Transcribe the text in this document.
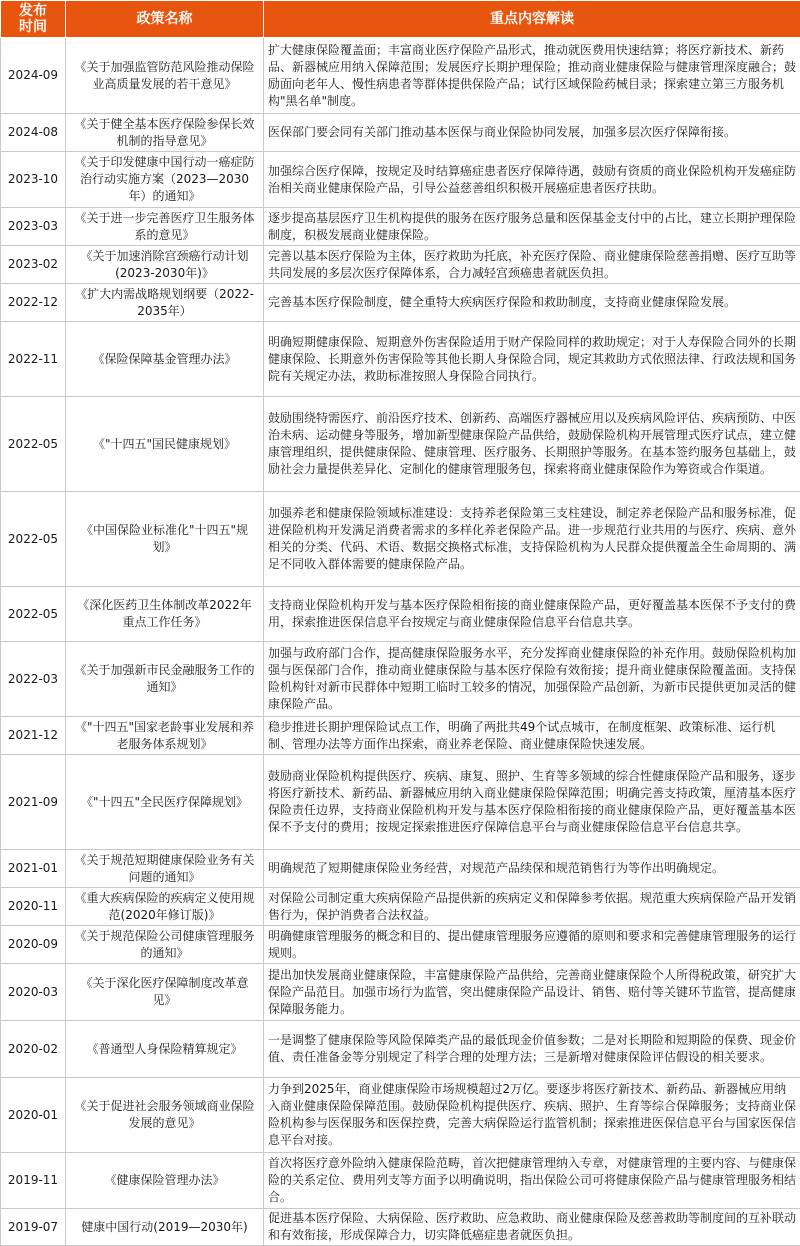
发布
时间	政策名称	重点内容解读
2024-09	《关于加强监管防范风险推动保险业高质量发展的若干意见》	扩大健康保险覆盖面；丰富商业医疗保险产品形式，推动就医费用快速结算；将医疗新技术、新药品、新器械应用纳入保障范围；发展医疗长期护理保险；推动商业健康保险与健康管理深度融合；鼓励面向老年人、慢性病患者等群体提供保险产品；试行区域保险药械目录；探索建立第三方服务机构"黑名单"制度。
2024-08	《关于健全基本医疗保险参保长效机制的指导意见》	医保部门要会同有关部门推动基本医保与商业保险协同发展，加强多层次医疗保障衔接。
2023-10	《关于印发健康中国行动一癌症防治行动实施方案（2023—2030年）的通知》	加强综合医疗保障，按规定及时结算癌症患者医疗保障待遇，鼓励有资质的商业保险机构开发癌症防治相关商业健康保险产品，引导公益慈善组织积极开展癌症患者医疗扶助。
2023-03	《关于进一步完善医疗卫生服务体系的意见》	逐步提高基层医疗卫生机构提供的服务在医疗服务总量和医保基金支付中的占比，建立长期护理保险制度，积极发展商业健康保险。
2023-02	《关于加速消除宫颈癌行动计划(2023-2030年)》	完善以基本医疗保险为主体，医疗救助为托底，补充医疗保险、商业健康保险慈善捐赠、医疗互助等共同发展的多层次医疗保障体系，合力减轻宫颈癌患者就医负担。
2022-12	《扩大内需战略规划纲要（2022- 2035年）	完善基本医疗保险制度，健全重特大疾病医疗保险和救助制度，支持商业健康保险发展。
2022-11	《保险保障基金管理办法》	明确短期健康保险、短期意外伤害保险适用于财产保险同样的救助规定；对于人寿保险合同外的长期健康保险、长期意外伤害保险等其他长期人身保险合同，规定其救助方式依照法律、行政法规和国务院有关规定办法，救助标准按照人身保险合同执行。
2022-05	《"十四五"国民健康规划》	鼓励围绕特需医疗、前沿医疗技术、创新药、高端医疗器械应用以及疾病风险评估、疾病预防、中医治未病、运动健身等服务，增加新型健康保险产品供给，鼓励保险机构开展管理式医疗试点，建立健康管理组织，提供健康保险、健康管理、医疗服务、长期照护等服务。在基本签约服务包基础上，鼓励社会力量提供差异化、定制化的健康管理服务包，探索将商业健康保险作为筹资或合作渠道。
2022-05	《中国保险业标准化"十四五"规划》	加强养老和健康保险领域标准建设：支持养老保险第三支柱建设，制定养老保险产品和服务标准，促进保险机构开发满足消费者需求的多样化养老保险产品。进一步规范行业共用的与医疗、疾病、意外相关的分类、代码、术语、数据交换格式标准，支持保险机构为人民群众提供覆盖全生命周期的、满足不同收入群体需要的健康保险产品。
2022-05	《深化医药卫生体制改革2022年重点工作任务》	支持商业保险机构开发与基本医疗保险相衔接的商业健康保险产品，更好覆盖基本医保不予支付的费用，探索推进医保信息平台按规定与商业健康保险信息平台信息共享。
2022-03	《关于加强新市民金融服务工作的通知》	加强与政府部门合作，提高健康保险服务水平，充分发挥商业健康保险的补充作用。鼓励保险机构加强与医保部门合作，推动商业健康保险与基本医疗保险有效衔接；提升商业健康保险覆盖面。支持保险机构针对新市民群体中短期工临时工较多的情况，加强保险产品创新，为新市民提供更加灵活的健康保险产品。
2021-12	《"十四五"国家老龄事业发展和养老服务体系规划》	稳步推进长期护理保险试点工作，明确了两批共49个试点城市，在制度框架、政策标准、运行机制、管理办法等方面作出探索，商业养老保险、商业健康保险快速发展。
2021-09	《"十四五"全民医疗保障规划》	鼓励商业保险机构提供医疗、疾病、康复、照护、生育等多领域的综合性健康保险产品和服务，逐步将医疗新技术、新药品、新器械应用纳入商业健康保险保障范围；明确完善支持政策，厘清基本医疗保险责任边界，支持商业保险机构开发与基本医疗保险相衔接的商业健康保险产品，更好覆盖基本医保不予支付的费用；按规定探索推进医疗保障信息平台与商业健康保险信息平台信息共享。
2021-01	《关于规范短期健康保险业务有关问题的通知》	明确规范了短期健康保险业务经营，对规范产品续保和规范销售行为等作出明确规定。
2020-11	《重大疾病保险的疾病定义使用规范(2020年修订版)》	对保险公司制定重大疾病保险产品提供新的疾病定义和保障参考依据。规范重大疾病保险产品开发销售行为，保护消费者合法权益。
2020-09	《关于规范保险公司健康管理服务的通知》	明确健康管理服务的概念和目的、提出健康管理服务应遵循的原则和要求和完善健康管理服务的运行规则。
2020-03	《关于深化医疗保障制度改革意见》	提出加快发展商业健康保险，丰富健康保险产品供给，完善商业健康保险个人所得税政策，研究扩大保险产品范目。加强市场行为监管，突出健康保险产品设计、销售、赔付等关键环节监管，提高健康保障服务能力。
2020-02	《普通型人身保险精算规定》	一是调整了健康保险等风险保障类产品的最低现金价值参数；二是对长期险和短期险的保费、现金价值、责任准备金等分别规定了科学合理的处理方法；三是新增对健康保险评估假设的相关要求。
2020-01	《关于促进社会服务领域商业保险发展的意见》	力争到2025年，商业健康保险市场规模超过2万亿。要逐步将医疗新技术、新药品、新器械应用纳入商业健康保险保障范围。鼓励保险机构提供医疗、疾病、照护、生育等综合保障服务；支持商业保险机构参与医保服务和医保控费，完善大病保险运行监管机制；探索推进医保信息平台与国家医保信息平台对接。
2019-11	《健康保险管理办法》	首次将医疗意外险纳入健康保险范畴，首次把健康管理纳入专章，对健康管理的主要内容、与健康保险的关系定位、费用列支等方面予以明确说明，指出保险公司可将健康保险产品与健康管理服务相结合。
2019-07	健康中国行动(2019—2030年)	促进基本医疗保险、大病保险、医疗救助、应急救助、商业健康保险及慈善救助等制度间的互补联动和有效衔接，形成保障合力，切实降低癌症患者就医负担。
